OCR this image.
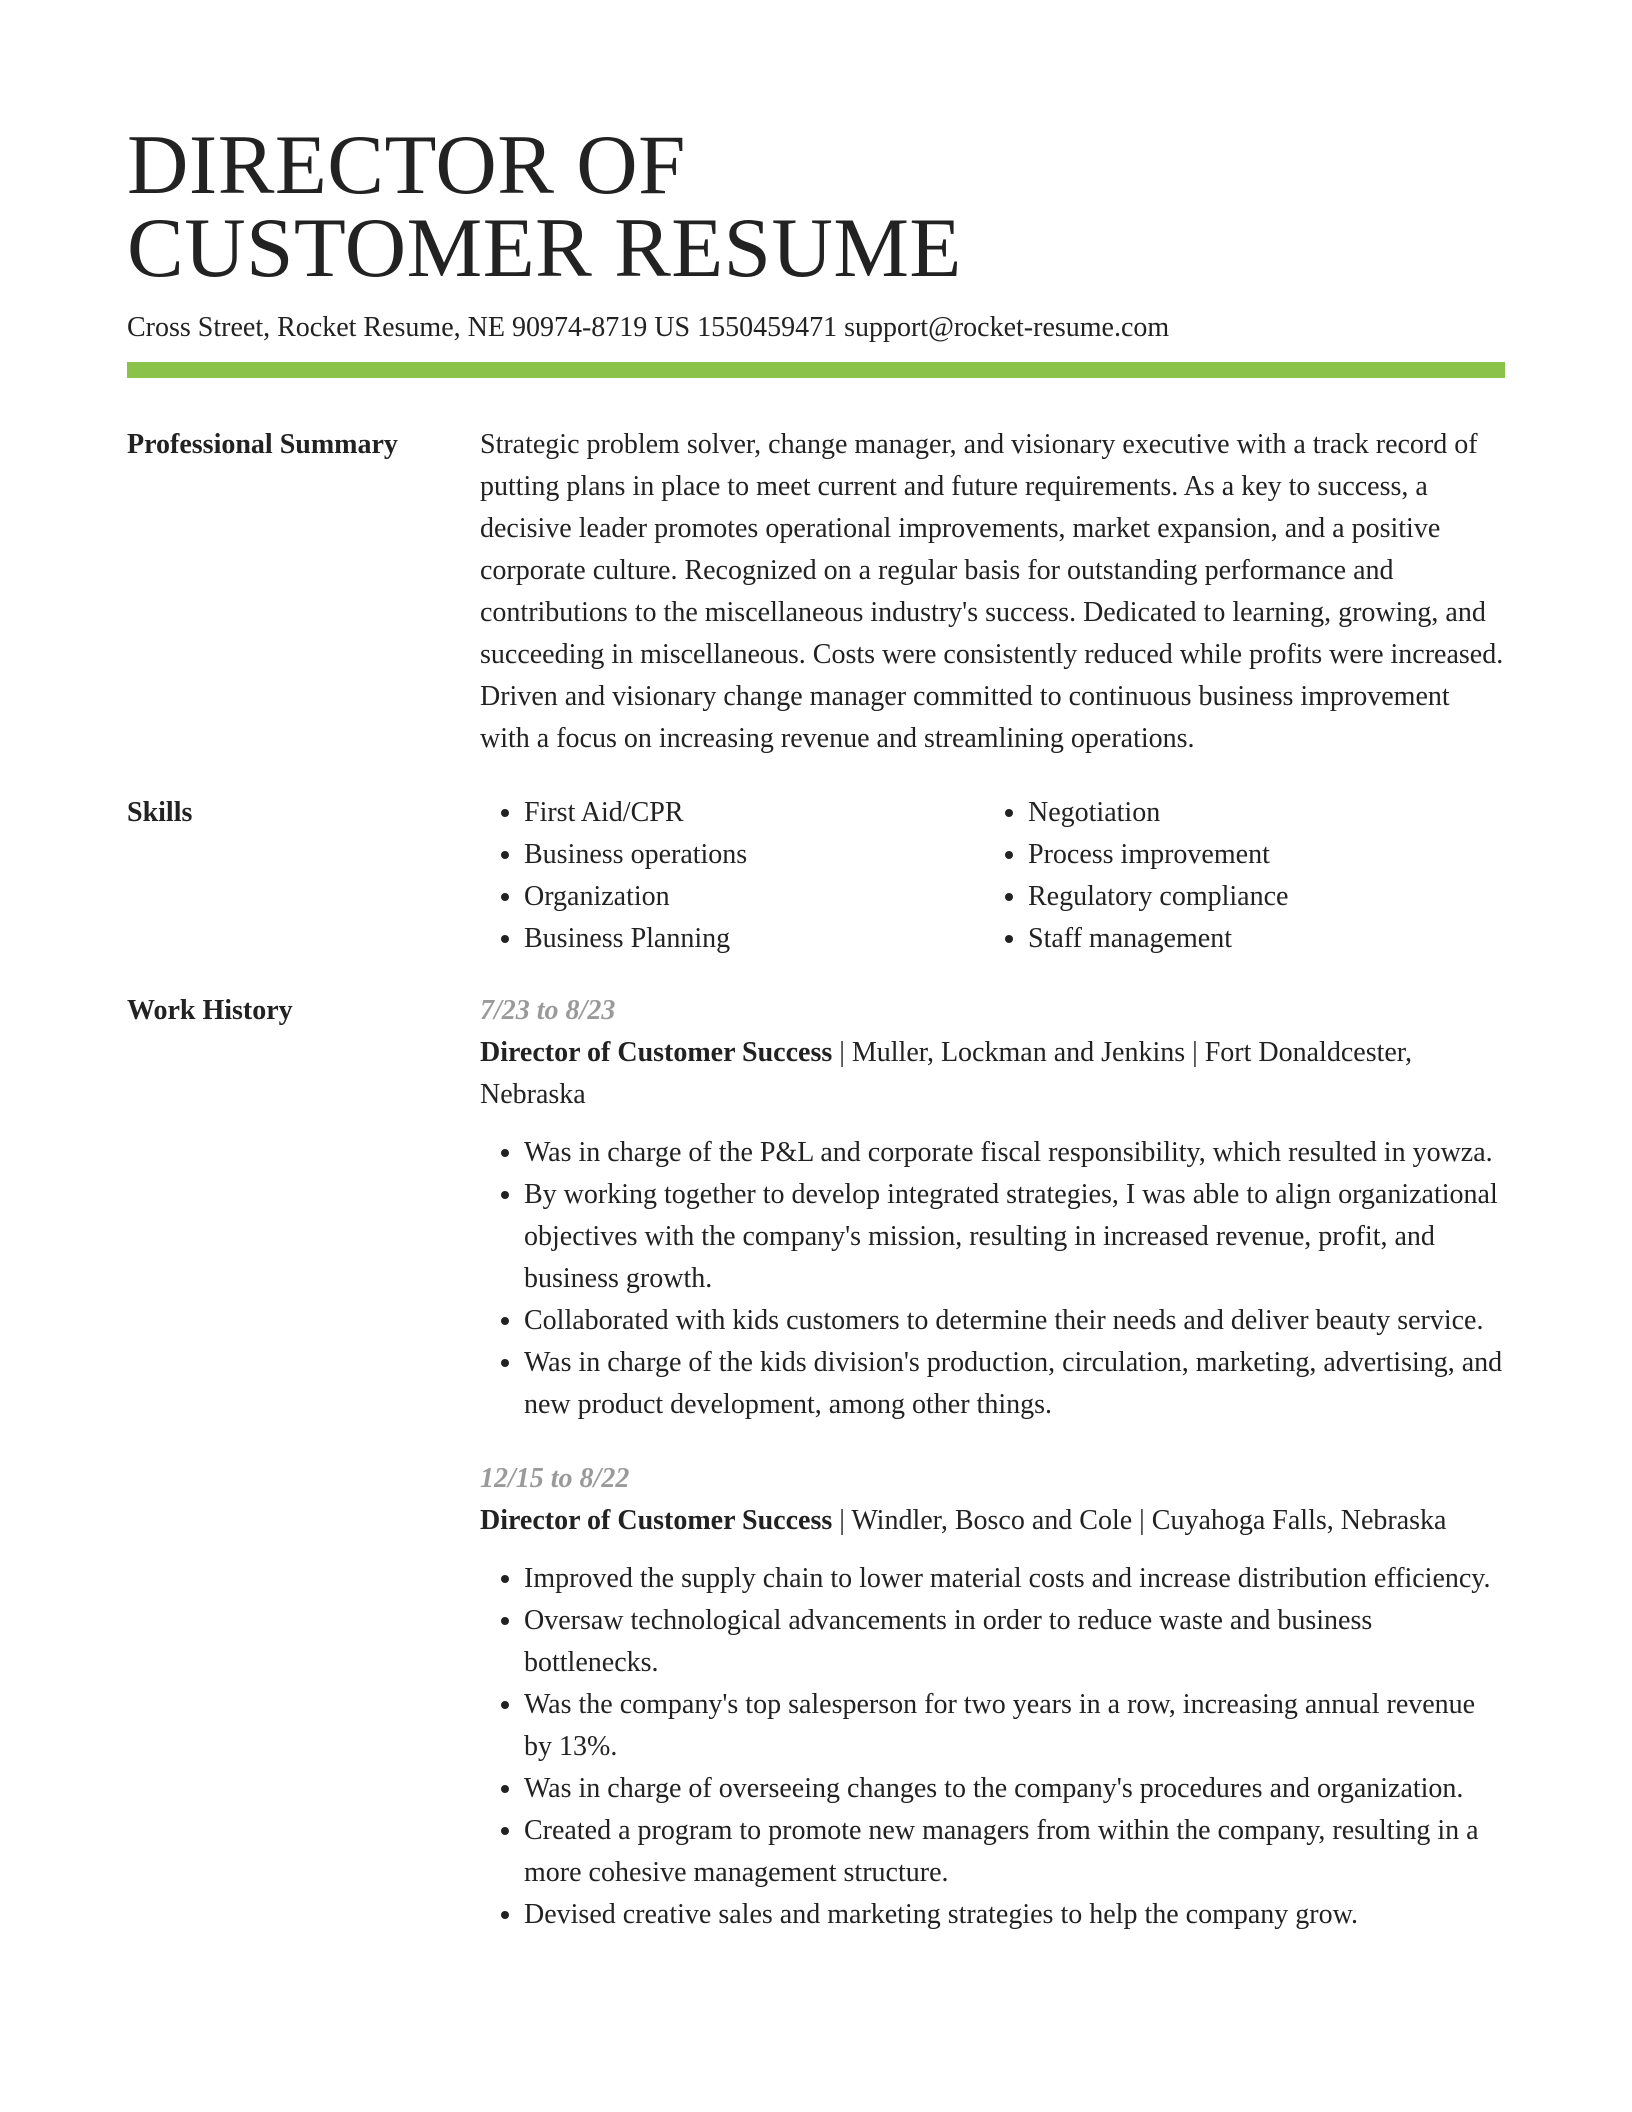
DIRECTOR OF
CUSTOMER RESUME
Cross Street, Rocket Resume, NE 90974-8719 US 1550459471 support@rocket-resume.com
Professional Summary	Strategic problem solver, change manager, and visionary executive with a track record of putting plans in place to meet current and future requirements. As a key to success, a decisive leader promotes operational improvements, market expansion, and a positive corporate culture. Recognized on a regular basis for outstanding performance and contributions to the miscellaneous industry's success. Dedicated to learning, growing, and succeeding in miscellaneous. Costs were consistently reduced while profits were increased. Driven and visionary change manager committed to continuous business improvement with a focus on increasing revenue and streamlining operations.
Skills
•	First Aid/CPR
• Business operations
• Organization
• Business Planning
• Negotiation
• Process improvement
• Regulatory compliance
• Staff management
Work History	7/23 to 8/23
Director of Customer Success | Muller, Lockman and Jenkins | Fort Donaldcester, Nebraska
• Was in charge of the P&L and corporate fiscal responsibility, which resulted in yowza.
• By working together to develop integrated strategies, I was able to align organizational objectives with the company's mission, resulting in increased revenue, profit, and business growth.
• Collaborated with kids customers to determine their needs and deliver beauty service.
• Was in charge of the kids division's production, circulation, marketing, advertising, and new product development, among other things.
12/15 to 8/22
Director of Customer Success | Windler, Bosco and Cole | Cuyahoga Falls, Nebraska
• Improved the supply chain to lower material costs and increase distribution efficiency.
• Oversaw technological advancements in order to reduce waste and business bottlenecks.
• Was the company's top salesperson for two years in a row, increasing annual revenue by 13%.
• Was in charge of overseeing changes to the company's procedures and organization.
• Created a program to promote new managers from within the company, resulting in a more cohesive management structure.
• Devised creative sales and marketing strategies to help the company grow.
